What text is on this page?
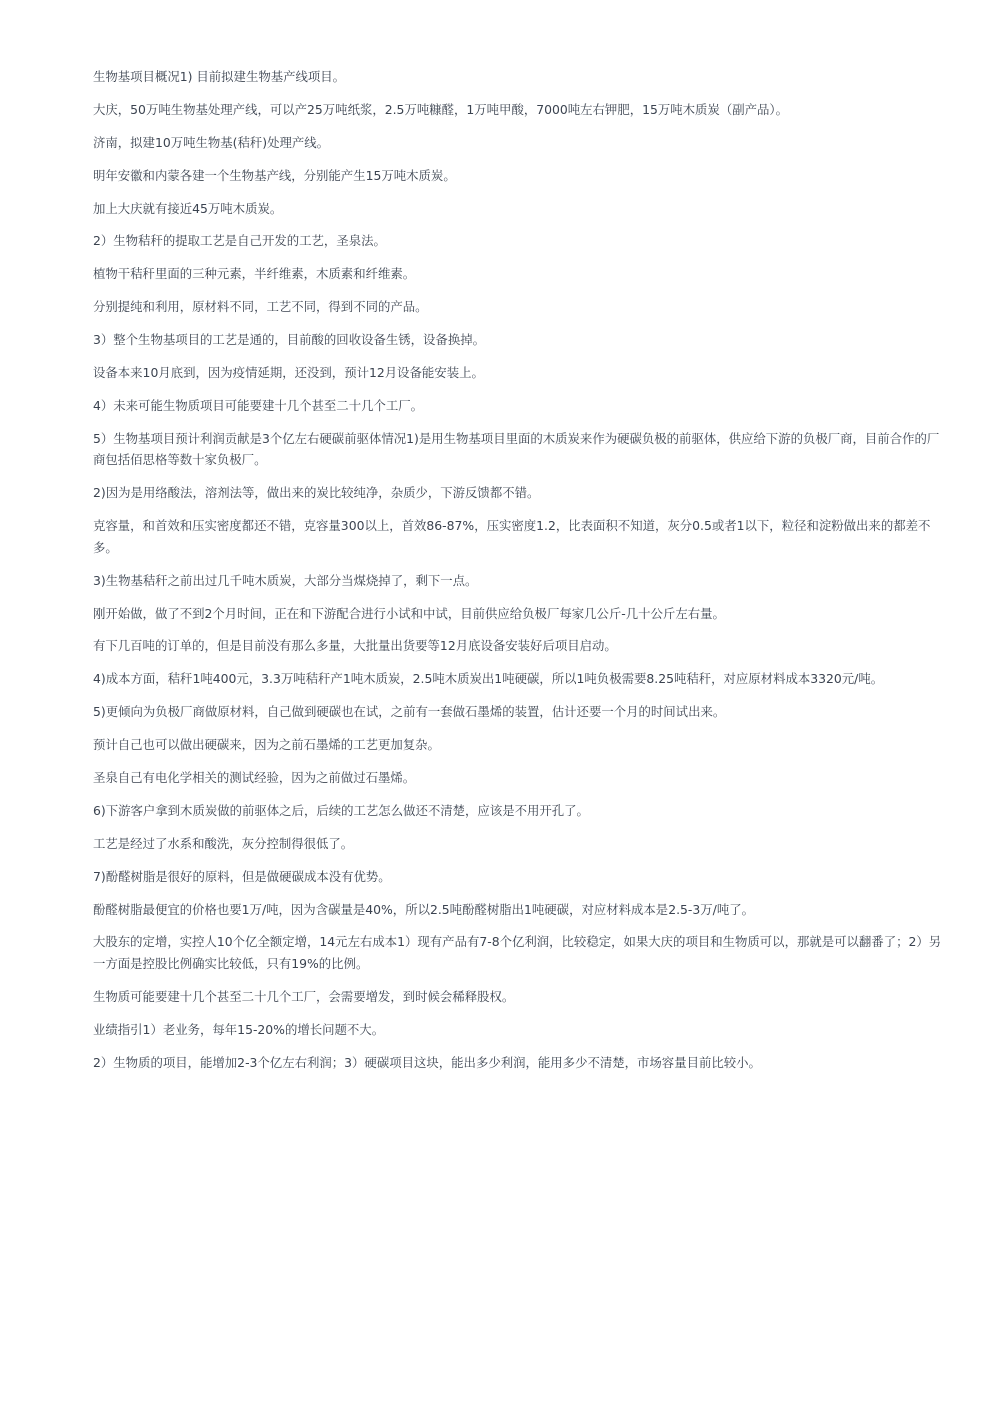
生物基项目概况1) 目前拟建生物基产线项目。

大庆，50万吨生物基处理产线，可以产25万吨纸浆，2.5万吨糠醛，1万吨甲酸，7000吨左右钾肥，15万吨木质炭（副产品）。

济南，拟建10万吨生物基(秸秆)处理产线。

明年安徽和内蒙各建一个生物基产线，分别能产生15万吨木质炭。

加上大庆就有接近45万吨木质炭。

2）生物秸秆的提取工艺是自己开发的工艺，圣泉法。

植物干秸秆里面的三种元素，半纤维素，木质素和纤维素。

分别提纯和利用，原材料不同，工艺不同，得到不同的产品。

3）整个生物基项目的工艺是通的，目前酸的回收设备生锈，设备换掉。

设备本来10月底到，因为疫情延期，还没到，预计12月设备能安装上。

4）未来可能生物质项目可能要建十几个甚至二十几个工厂。

5）生物基项目预计利润贡献是3个亿左右硬碳前驱体情况1)是用生物基项目里面的木质炭来作为硬碳负极的前驱体，供应给下游的负极厂商，目前合作的厂商包括佰思格等数十家负极厂。

2)因为是用络酸法，溶剂法等，做出来的炭比较纯净，杂质少，下游反馈都不错。

克容量，和首效和压实密度都还不错，克容量300以上，首效86-87%，压实密度1.2，比表面积不知道，灰分0.5或者1以下，粒径和淀粉做出来的都差不多。

3)生物基秸秆之前出过几千吨木质炭，大部分当煤烧掉了，剩下一点。

刚开始做，做了不到2个月时间，正在和下游配合进行小试和中试，目前供应给负极厂每家几公斤-几十公斤左右量。

有下几百吨的订单的，但是目前没有那么多量，大批量出货要等12月底设备安装好后项目启动。

4)成本方面，秸秆1吨400元，3.3万吨秸秆产1吨木质炭，2.5吨木质炭出1吨硬碳，所以1吨负极需要8.25吨秸秆，对应原材料成本3320元/吨。

5)更倾向为负极厂商做原材料，自己做到硬碳也在试，之前有一套做石墨烯的装置，估计还要一个月的时间试出来。

预计自己也可以做出硬碳来，因为之前石墨烯的工艺更加复杂。

圣泉自己有电化学相关的测试经验，因为之前做过石墨烯。

6)下游客户拿到木质炭做的前驱体之后，后续的工艺怎么做还不清楚，应该是不用开孔了。

工艺是经过了水系和酸洗，灰分控制得很低了。

7)酚醛树脂是很好的原料，但是做硬碳成本没有优势。

酚醛树脂最便宜的价格也要1万/吨，因为含碳量是40%，所以2.5吨酚醛树脂出1吨硬碳，对应材料成本是2.5-3万/吨了。

大股东的定增，实控人10个亿全额定增，14元左右成本1）现有产品有7-8个亿利润，比较稳定，如果大庆的项目和生物质可以，那就是可以翻番了；2）另一方面是控股比例确实比较低，只有19%的比例。

生物质可能要建十几个甚至二十几个工厂，会需要增发，到时候会稀释股权。

业绩指引1）老业务，每年15-20%的增长问题不大。

2）生物质的项目，能增加2-3个亿左右利润；3）硬碳项目这块，能出多少利润，能用多少不清楚，市场容量目前比较小。
